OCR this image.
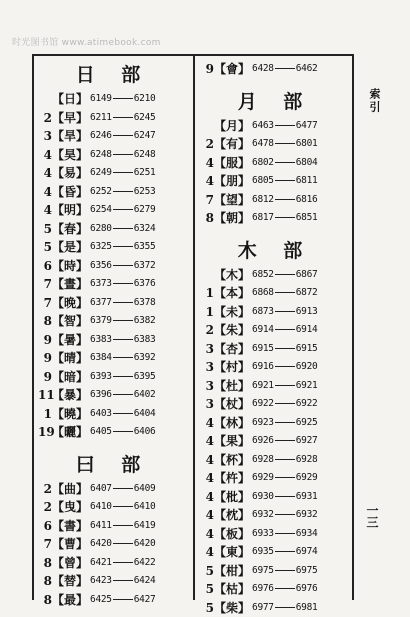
时光图书馆 www.atimebook.com
日 部
【 日 】 6149 6210
2 【 早 】 6211 6245
3 【 旱 】 6246 6247
4 【 昊 】 6248 6248
4 【 易 】 6249 6251
4 【 昏 】 6252 6253
4 【 明 】 6254 6279
5 【 春 】 6280 6324
5 【 是 】 6325 6355
6 【 時 】 6356 6372
7 【 晝 】 6373 6376
7 【 晚 】 6377 6378
8 【 智 】 6379 6382
9 【 暑 】 6383 6383
9 【 晴 】 6384 6392
9 【 暗 】 6393 6395
11
【 暴 】 6396 6402
1 【 曉 】 6403 6404
19
【 曬 】 6405 6406
曰 部
2 【 曲 】 6407 6409
2 【 曳 】 6410 6410
6 【 書 】 6411 6419
7 【 曹 】 6420 6420
8 【 曾 】 6421 6422
8 【 替 】 6423 6424
8 【 最 】 6425 6427
9 【 會 】 6428 6462
月 部
【 月 】 6463 6477
2 【 有 】 6478 6801
4 【 服 】 6802 6804
4 【 朋 】 6805 6811
7 【 望 】 6812 6816
8 【 朝 】 6817 6851
木 部
【 木 】 6852 6867
1 【 本 】 6868 6872
1 【 未 】 6873 6913
2 【 朱 】 6914 6914
3 【 杏 】 6915 6915
3 【 村 】 6916 6920
3 【 杜 】 6921 6921
3 【 杖 】 6922 6922
4 【 林 】 6923 6925
4 【 果 】 6926 6927
4 【 杯 】 6928 6928
4 【 杵 】 6929 6929
4 【 枇 】 6930 6931
4 【 枕 】 6932 6932
4 【 板 】 6933 6934
4 【 東 】 6935 6974
5 【 柑 】 6975 6975
5 【 枯 】 6976 6976
5 【 柴 】 6977 6981
索引
一三
